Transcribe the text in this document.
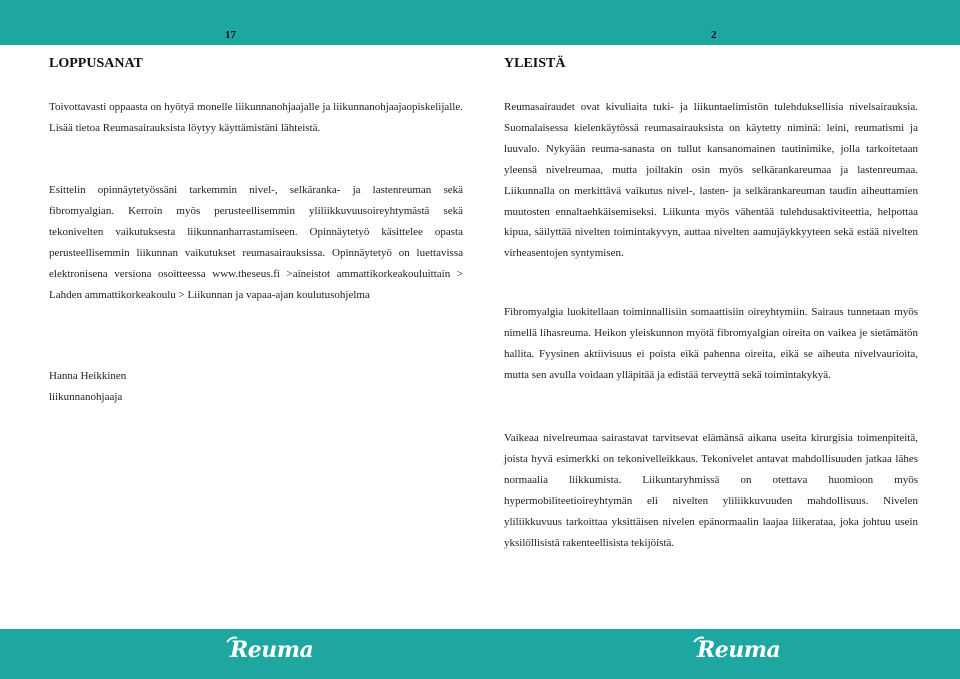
17
LOPPUSANAT

Toivottavasti oppaasta on hyötyä monelle liikunnanohjaajalle ja liikunnanohjaajaopiskelijalle. Lisää tietoa Reumasairauksista löytyy käyttämistäni lähteistä.

Esittelin opinnäytetyössäni tarkemmin nivel-, selkäranka- ja lastenreuman sekä fibromyalgian. Kerroin myös perusteellisemmin yliliikkuvuusoireyhtymästä sekä tekonivelten vaikutuksesta liikunnanharrastamiseen. Opinnäytetyö käsittelee opasta perusteellisemmin liikunnan vaikutukset reumasairauksissa. Opinnäytetyö on luettavissa elektronisena versiona osoitteessa www.theseus.fi >aineistot ammattikorkeakouluittain > Lahden ammattikorkeakoulu > Liikunnan ja vapaa-ajan koulutusohjelma

Hanna Heikkinen

liikunnanohjaaja

2
YLEISTÄ

Reumasairaudet ovat kivuliaita tuki- ja liikuntaelimistön tulehduksellisia nivelsairauksia. Suomalaisessa kielenkäytössä reumasairauksista on käytetty niminä: leini, reumatismi ja luuvalo. Nykyään reuma-sanasta on tullut kansanomainen tautinimike, jolla tarkoitetaan yleensä nivelreumaa, mutta joiltakin osin myös selkärankareumaa ja lastenreumaa. Liikunnalla on merkittävä vaikutus nivel-, lasten- ja selkärankareuman taudin aiheuttamien muutosten ennaltaehkäisemiseksi. Liikunta myös vähentää tulehdusaktiviteettia, helpottaa kipua, säilyttää nivelten toimintakyvyn, auttaa nivelten aamujäykkyyteen sekä estää nivelten virheasentojen syntymisen.

Fibromyalgia luokitellaan toiminnallisiin somaattisiin oireyhtymiin. Sairaus tunnetaan myös nimellä lihasreuma. Heikon yleiskunnon myötä fibromyalgian oireita on vaikea je sietämätön hallita. Fyysinen aktiivisuus ei poista eikä pahenna oireita, eikä se aiheuta nivelvaurioita, mutta sen avulla voidaan ylläpitää ja edistää terveyttä sekä toimintakykyä.

Vaikeaa nivelreumaa sairastavat tarvitsevat elämänsä aikana useita kirurgisia toimenpiteitä, joista hyvä esimerkki on tekonivelleikkaus. Tekonivelet antavat mahdollisuuden jatkaa lähes normaalia liikkumista. Liikuntaryhmissä on otettava huomioon myös hypermobiliteetioireyhtymän eli nivelten yliliikkuvuuden mahdollisuus. Nivelen yliliikkuvuus tarkoittaa yksittäisen nivelen epänormaalin laajaa liikerataa, joka johtuu usein yksilöllisistä rakenteellisista tekijöistä.

Reuma	Reuma
